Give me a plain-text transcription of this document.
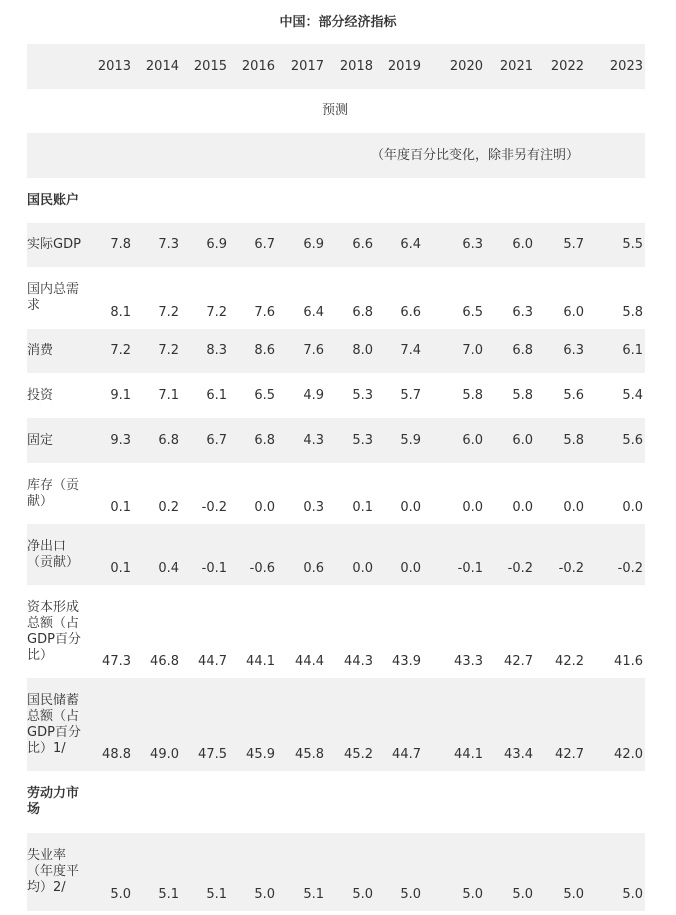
中国：部分经济指标
	2013	2014	2015	2016	2017	2018	2019	2020	2021	2022	2023
预测											
（年度百分比变化，除非另有注明）											
国民账户											
实际GDP	7.8	7.3	6.9	6.7	6.9	6.6	6.4	6.3	6.0	5.7	5.5
国内总需求	8.1	7.2	7.2	7.6	6.4	6.8	6.6	6.5	6.3	6.0	5.8
消费	7.2	7.2	8.3	8.6	7.6	8.0	7.4	7.0	6.8	6.3	6.1
投资	9.1	7.1	6.1	6.5	4.9	5.3	5.7	5.8	5.8	5.6	5.4
固定	9.3	6.8	6.7	6.8	4.3	5.3	5.9	6.0	6.0	5.8	5.6
库存（贡献）	0.1	0.2	-0.2	0.0	0.3	0.1	0.0	0.0	0.0	0.0	0.0
净出口（贡献）	0.1	0.4	-0.1	-0.6	0.6	0.0	0.0	-0.1	-0.2	-0.2	-0.2
资本形成总额（占GDP百分比）	47.3	46.8	44.7	44.1	44.4	44.3	43.9	43.3	42.7	42.2	41.6
国民储蓄总额（占GDP百分比）1/	48.8	49.0	47.5	45.9	45.8	45.2	44.7	44.1	43.4	42.7	42.0
劳动力市场											
失业率（年度平均）2/	5.0	5.1	5.1	5.0	5.1	5.0	5.0	5.0	5.0	5.0	5.0
